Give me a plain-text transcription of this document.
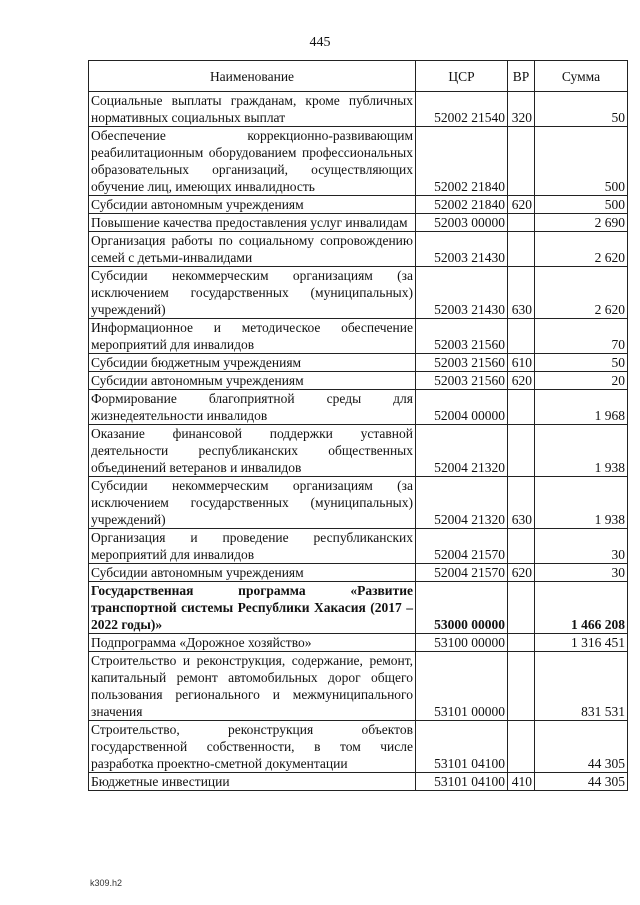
445
Наименование	ЦСР	ВР	Сумма
Социальные выплаты гражданам, кроме публичных нормативных социальных выплат	52002 21540	320	50
Обеспечение коррекционно-развивающим реабилитационным оборудованием профессиональных образовательных организаций, осуществляющих обучение лиц, имеющих инвалидность	52002 21840		500
Субсидии автономным учреждениям	52002 21840	620	500
Повышение качества предоставления услуг инвалидам	52003 00000		2 690
Организация работы по социальному сопровождению семей с детьми-инвалидами	52003 21430		2 620
Субсидии некоммерческим организациям (за исключением государственных (муниципальных) учреждений)	52003 21430	630	2 620
Информационное и методическое обеспечение мероприятий для инвалидов	52003 21560		70
Субсидии бюджетным учреждениям	52003 21560	610	50
Субсидии автономным учреждениям	52003 21560	620	20
Формирование благоприятной среды для жизнедеятельности инвалидов	52004 00000		1 968
Оказание финансовой поддержки уставной деятельности республиканских общественных объединений ветеранов и инвалидов	52004 21320		1 938
Субсидии некоммерческим организациям (за исключением государственных (муниципальных) учреждений)	52004 21320	630	1 938
Организация и проведение республиканских мероприятий для инвалидов	52004 21570		30
Субсидии автономным учреждениям	52004 21570	620	30
Государственная программа «Развитие транспортной системы Республики Хакасия (2017 – 2022 годы)»	53000 00000		1 466 208
Подпрограмма «Дорожное хозяйство»	53100 00000		1 316 451
Строительство и реконструкция, содержание, ремонт, капитальный ремонт автомобильных дорог общего пользования регионального и межмуниципального значения	53101 00000		831 531
Строительство, реконструкция объектов государственной собственности, в том числе разработка проектно-сметной документации	53101 04100		44 305
Бюджетные инвестиции	53101 04100	410	44 305
k309.h2
